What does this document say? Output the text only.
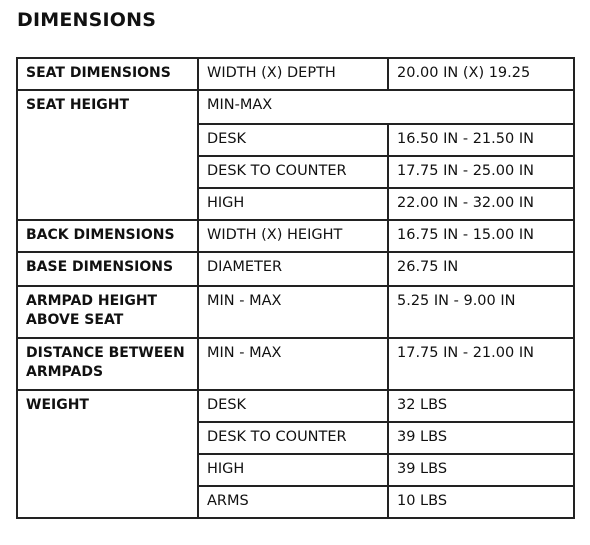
DIMENSIONS
SEAT DIMENSIONS	WIDTH (X) DEPTH	20.00 IN (X) 19.25
SEAT HEIGHT	MIN-MAX	
	DESK	16.50 IN - 21.50 IN
	DESK TO COUNTER	17.75 IN - 25.00 IN
	HIGH	22.00 IN - 32.00 IN
BACK DIMENSIONS	WIDTH (X) HEIGHT	16.75 IN - 15.00 IN
BASE DIMENSIONS	DIAMETER	26.75 IN
ARMPAD HEIGHT ABOVE SEAT	MIN - MAX	5.25 IN - 9.00 IN
DISTANCE BETWEEN ARMPADS	MIN - MAX	17.75 IN - 21.00 IN
WEIGHT	DESK	32 LBS
	DESK TO COUNTER	39 LBS
	HIGH	39 LBS
	ARMS	10 LBS
